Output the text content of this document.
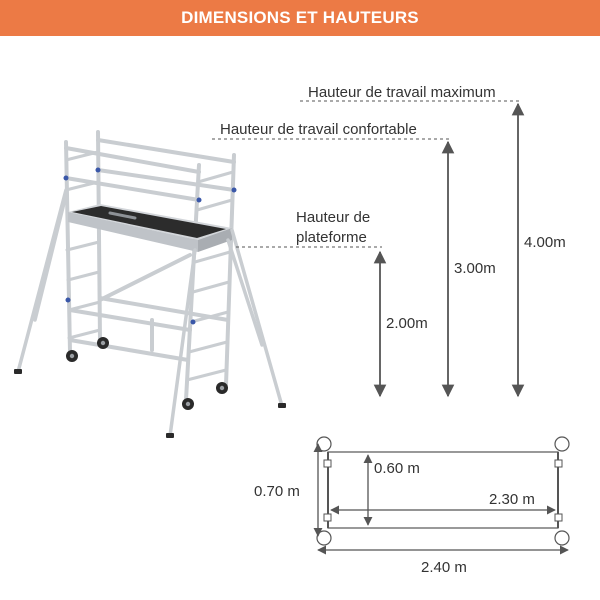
DIMENSIONS ET HAUTEURS
Hauteur de travail maximum
Hauteur de travail confortable
Hauteur de
plateforme
2.00m
3.00m
4.00m
0.70 m
0.60 m
2.30 m
2.40 m
